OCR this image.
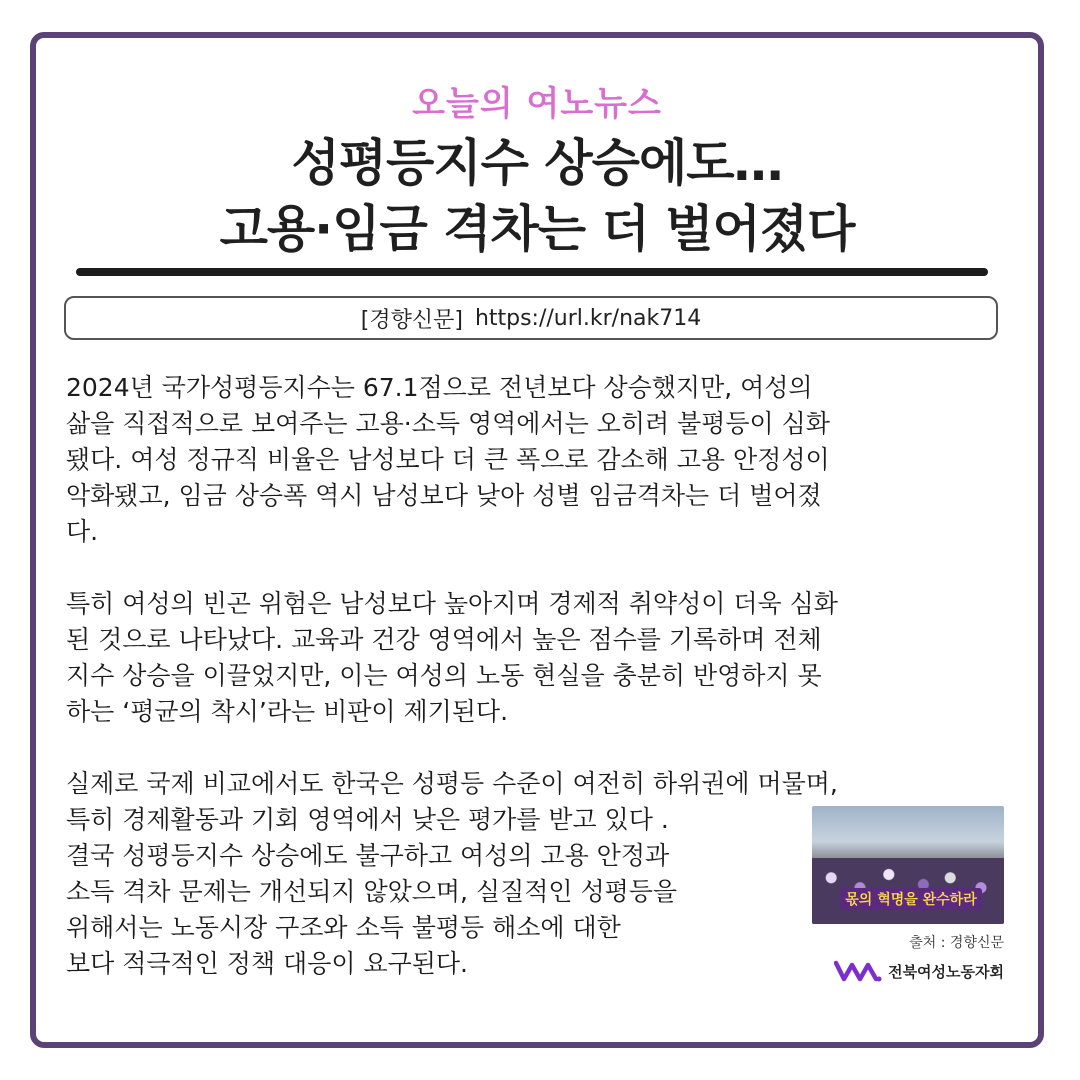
오늘의 여노뉴스
성평등지수 상승에도…
고용·임금 격차는 더 벌어졌다
[경향신문] https://url.kr/nak714

2024년 국가성평등지수는 67.1점으로 전년보다 상승했지만, 여성의
삶을 직접적으로 보여주는 고용·소득 영역에서는 오히려 불평등이 심화
됐다. 여성 정규직 비율은 남성보다 더 큰 폭으로 감소해 고용 안정성이
악화됐고, 임금 상승폭 역시 남성보다 낮아 성별 임금격차는 더 벌어졌
다.

특히 여성의 빈곤 위험은 남성보다 높아지며 경제적 취약성이 더욱 심화
된 것으로 나타났다. 교육과 건강 영역에서 높은 점수를 기록하며 전체
지수 상승을 이끌었지만, 이는 여성의 노동 현실을 충분히 반영하지 못
하는 ‘평균의 착시’라는 비판이 제기된다.

실제로 국제 비교에서도 한국은 성평등 수준이 여전히 하위권에 머물며,
특히 경제활동과 기회 영역에서 낮은 평가를 받고 있다 .
결국 성평등지수 상승에도 불구하고 여성의 고용 안정과
소득 격차 문제는 개선되지 않았으며, 실질적인 성평등을
위해서는 노동시장 구조와 소득 불평등 해소에 대한
보다 적극적인 정책 대응이 요구된다.

몫의 혁명을 완수하라
출처 : 경향신문
전북여성노동자회
